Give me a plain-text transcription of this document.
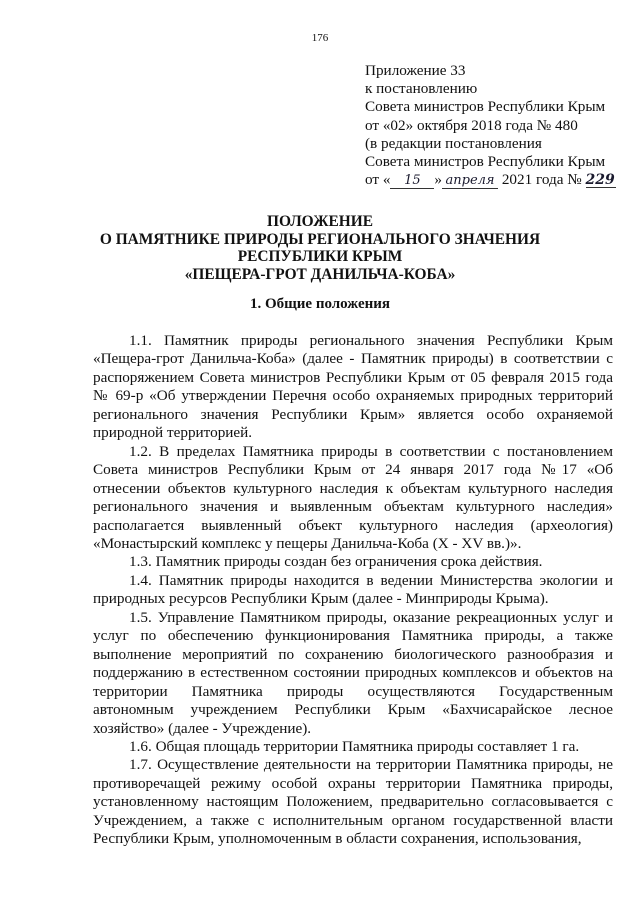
176
Приложение 33
к постановлению
Совета министров Республики Крым
от «02» октября 2018 года № 480
(в редакции постановления
Совета министров Республики Крым
от « 15 » апреля 2021 года № 229
ПОЛОЖЕНИЕ
О ПАМЯТНИКЕ ПРИРОДЫ РЕГИОНАЛЬНОГО ЗНАЧЕНИЯ
РЕСПУБЛИКИ КРЫМ
«ПЕЩЕРА-ГРОТ ДАНИЛЬЧА-КОБА»
1. Общие положения

1.1. Памятник природы регионального значения Республики Крым «Пещера-грот Данильча-Коба» (далее - Памятник природы) в соответствии с распоряжением Совета министров Республики Крым от 05 февраля 2015 года № 69-р «Об утверждении Перечня особо охраняемых природных территорий регионального значения Республики Крым» является особо охраняемой природной территорией.

1.2. В пределах Памятника природы в соответствии с постановлением Совета министров Республики Крым от 24 января 2017 года №17 «Об отнесении объектов культурного наследия к объектам культурного наследия регионального значения и выявленным объектам культурного наследия» располагается выявленный объект культурного наследия (археология) «Монастырский комплекс у пещеры Данильча-Коба (X - XV вв.)».

1.3. Памятник природы создан без ограничения срока действия.

1.4. Памятник природы находится в ведении Министерства экологии и природных ресурсов Республики Крым (далее - Минприроды Крыма).

1.5. Управление Памятником природы, оказание рекреационных услуг и услуг по обеспечению функционирования Памятника природы, а также выполнение мероприятий по сохранению биологического разнообразия и поддержанию в естественном состоянии природных комплексов и объектов на территории Памятника природы осуществляются Государственным автономным учреждением Республики Крым «Бахчисарайское лесное хозяйство» (далее - Учреждение).

1.6. Общая площадь территории Памятника природы составляет 1 га.

1.7. Осуществление деятельности на территории Памятника природы, не противоречащей режиму особой охраны территории Памятника природы, установленному настоящим Положением, предварительно согласовывается с Учреждением, а также с исполнительным органом государственной власти Республики Крым, уполномоченным в области сохранения, использования,
